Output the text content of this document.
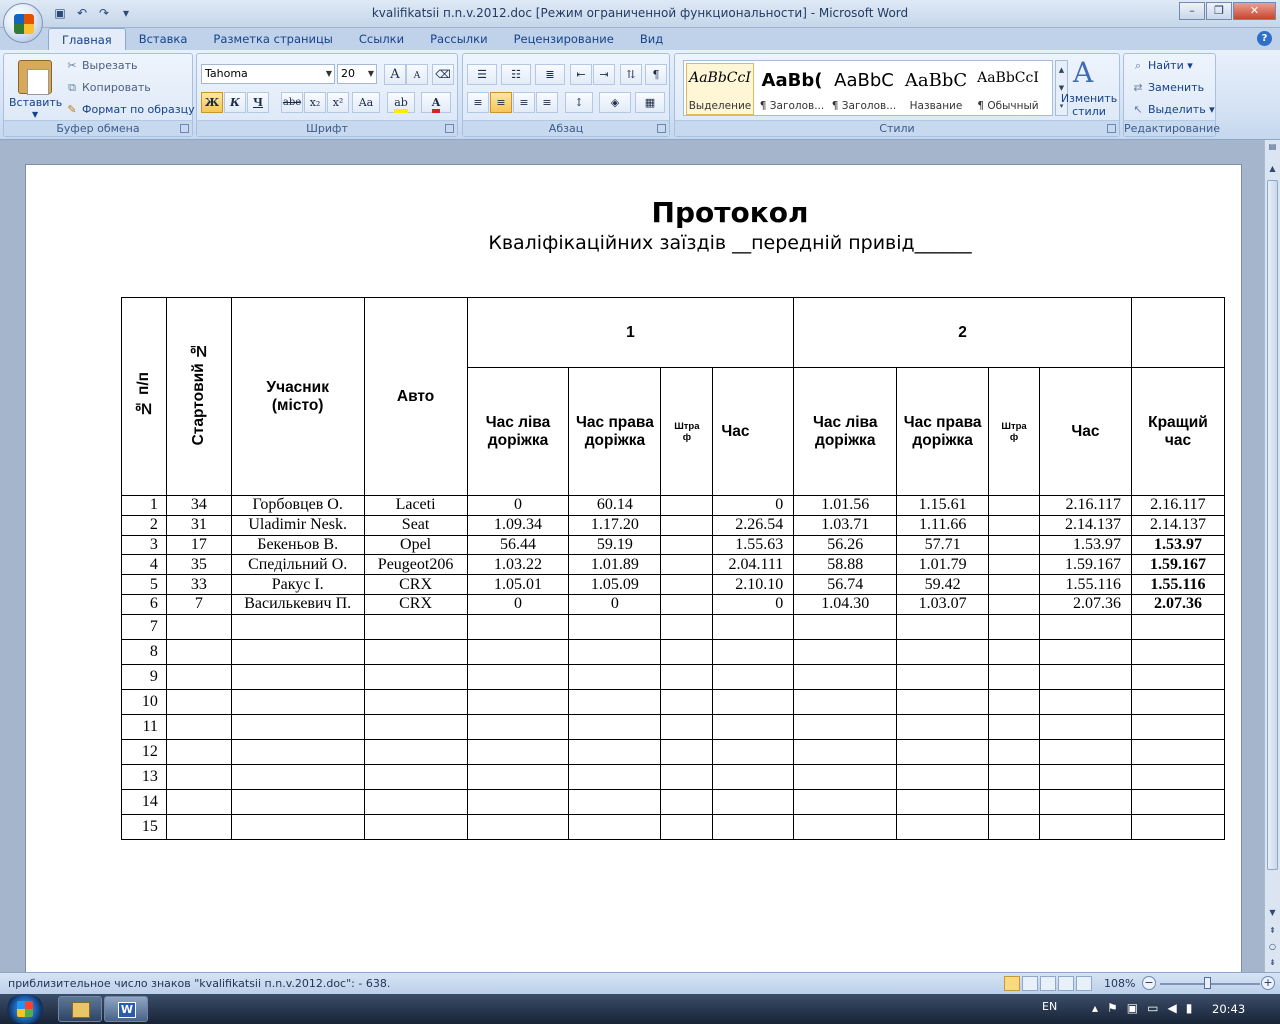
▣ ↶ ↷	▾	kvalifikatsii п.n.v.2012.doc [Режим ограниченной функциональности] - Microsoft Word	–	❐	✕
Главная	Вставка	Разметка страницы	Ссылки	Рассылки	Рецензирование	Вид	?
Вставить
▼
✂ Вырезать
⧉ Копировать
✎ Формат по образцу
Буфер обмена
Tahoma	▼ 20 ▼	A	A	⌫
Ж К	Ч	abe x₂	x²	Aa	ab	A
Шрифт
☰	☷	≣	⇤	⇥	⇅	¶
≡	≡	≡	≡	↕	◈	▦
Абзац
AaBbCcI
Выделение
AaBb(
¶ Заголов...
AaBbC
¶ Заголов...
AaBbC
Название
AaBbCcI
¶ Обычный
▲
▼
▾
A
Изменить стили
Стили
⌕ Найти ▾
⇄ Заменить
↖ Выделить ▾
Редактирование
Протокол
Кваліфікаційних заїздів __передній привід______
№ п/п	Стартовий №	Учасник (місто)	Авто	1				2				
				Час ліва доріжка	Час права доріжка	Штраф	Час	Час ліва доріжка	Час права доріжка	Штраф	Час	Кращий час
1	34	Горбовцев О.	Laceti	0	60.14		0	1.01.56	1.15.61		2.16.117	2.16.117
2	31	Uladimir Nesk.	Seat	1.09.34	1.17.20		2.26.54	1.03.71	1.11.66		2.14.137	2.14.137
3	17	Бекеньов В.	Opel	56.44	59.19		1.55.63	56.26	57.71		1.53.97	1.53.97
4	35	Спедільний О.	Peugeot206	1.03.22	1.01.89		2.04.111	58.88	1.01.79		1.59.167	1.59.167
5	33	Ракус І.	CRX	1.05.01	1.05.09		2.10.10	56.74	59.42		1.55.116	1.55.116
6	7	Василькевич П.	CRX	0	0		0	1.04.30	1.03.07		2.07.36	2.07.36
7												
8												
9												
10												
11												
12												
13												
14												
15												
▤
▲
▼
⇞
○
⇟
приблизительное число знаков "kvalifikatsii п.n.v.2012.doc": - 638.	108% −	+
W	EN	▴ ⚑ ▣ ▭ ◀ ▮ 20:43
